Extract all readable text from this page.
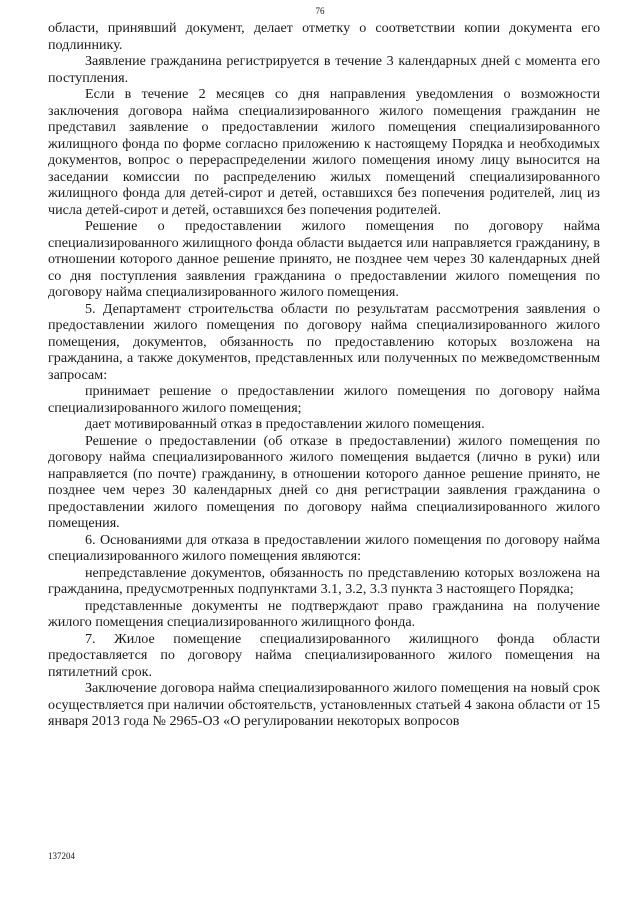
76

области, принявший документ, делает отметку о соответствии копии документа его подлиннику.

Заявление гражданина регистрируется в течение 3 календарных дней с момента его поступления.

Если в течение 2 месяцев со дня направления уведомления о возможности заключения договора найма специализированного жилого помещения гражданин не представил заявление о предоставлении жилого помещения специализированного жилищного фонда по форме согласно приложению к настоящему Порядка и необходимых документов, вопрос о перераспределении жилого помещения иному лицу выносится на заседании комиссии по распределению жилых помещений специализированного жилищного фонда для детей-сирот и детей, оставшихся без попечения родителей, лиц из числа детей-сирот и детей, оставшихся без попечения родителей.

Решение о предоставлении жилого помещения по договору найма специализированного жилищного фонда области выдается или направляется гражданину, в отношении которого данное решение принято, не позднее чем через 30 календарных дней со дня поступления заявления гражданина о предоставлении жилого помещения по договору найма специализированного жилого помещения.

5. Департамент строительства области по результатам рассмотрения заявления о предоставлении жилого помещения по договору найма специализированного жилого помещения, документов, обязанность по предоставлению которых возложена на гражданина, а также документов, представленных или полученных по межведомственным запросам:

принимает решение о предоставлении жилого помещения по договору найма специализированного жилого помещения;

дает мотивированный отказ в предоставлении жилого помещения.

Решение о предоставлении (об отказе в предоставлении) жилого помещения по договору найма специализированного жилого помещения выдается (лично в руки) или направляется (по почте) гражданину, в отношении которого данное решение принято, не позднее чем через 30 календарных дней со дня регистрации заявления гражданина о предоставлении жилого помещения по договору найма специализированного жилого помещения.

6. Основаниями для отказа в предоставлении жилого помещения по договору найма специализированного жилого помещения являются:

непредставление документов, обязанность по представлению которых возложена на гражданина, предусмотренных подпунктами 3.1, 3.2, 3.3 пункта 3 настоящего Порядка;

представленные документы не подтверждают право гражданина на получение жилого помещения специализированного жилищного фонда.

7. Жилое помещение специализированного жилищного фонда области предоставляется по договору найма специализированного жилого помещения на пятилетний срок.

Заключение договора найма специализированного жилого помещения на новый срок осуществляется при наличии обстоятельств, установленных статьей 4 закона области от 15 января 2013 года № 2965-ОЗ «О регулировании некоторых вопросов

137204
